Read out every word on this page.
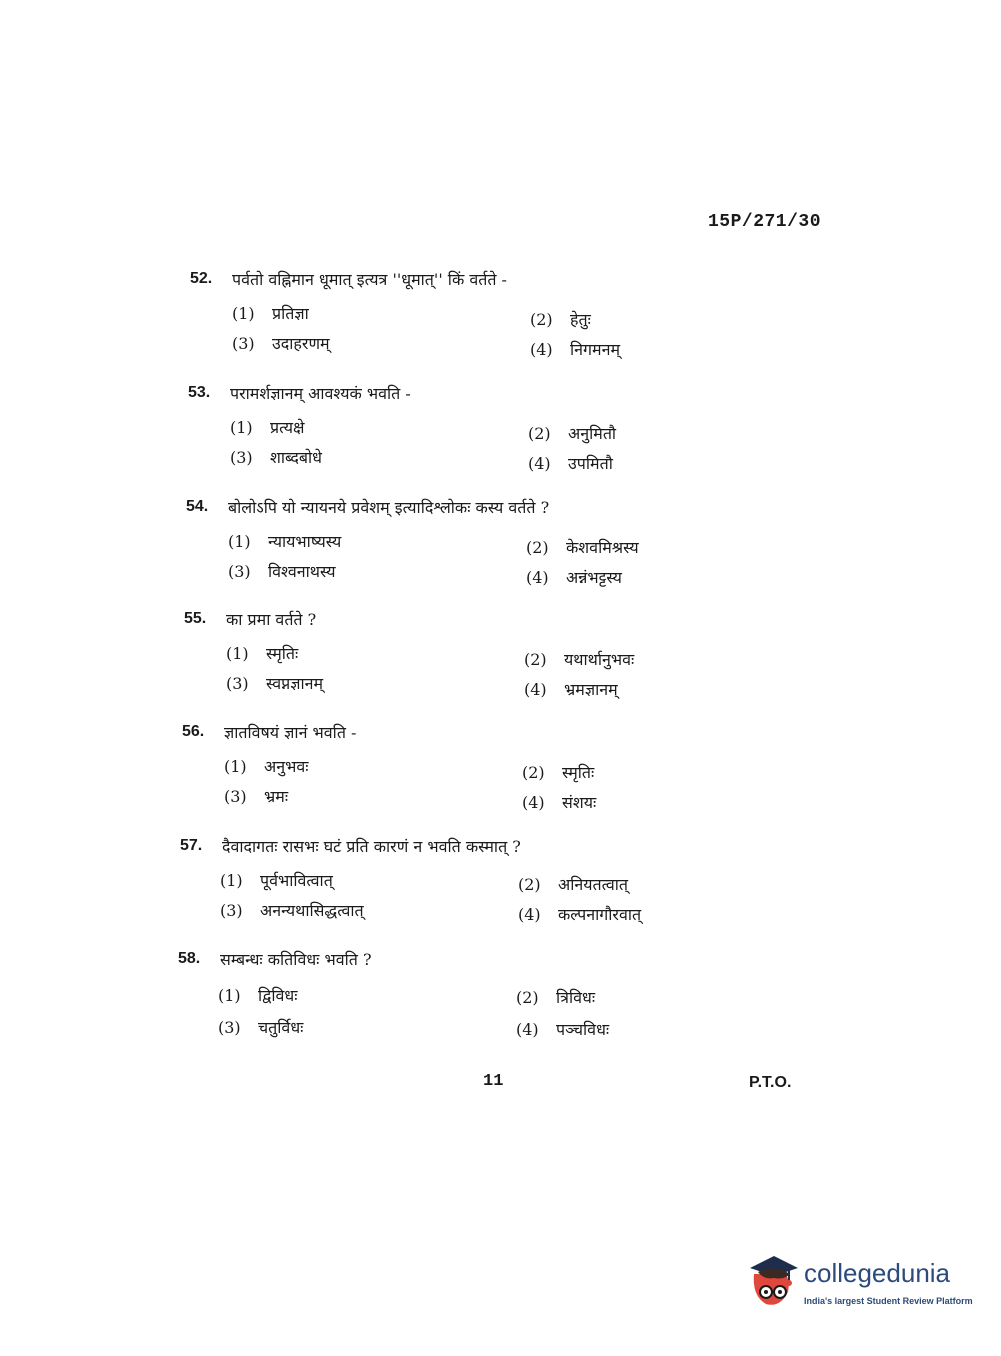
15P/271/30
52.	पर्वतो वह्निमान धूमात् इत्यत्र ''धूमात्'' किं वर्तते -
(1) प्रतिज्ञा	(2) हेतुः
(3) उदाहरणम्	(4) निगमनम्
53.	परामर्शज्ञानम् आवश्यकं भवति -
(1) प्रत्यक्षे	(2) अनुमितौ
(3) शाब्दबोधे	(4) उपमितौ
54.	बोलोऽपि यो न्यायनये प्रवेशम् इत्यादिश्लोकः कस्य वर्तते ?
(1) न्यायभाष्यस्य	(2) केशवमिश्रस्य
(3) विश्वनाथस्य	(4) अन्नंभट्टस्य
55.	का प्रमा वर्तते ?
(1) स्मृतिः	(2) यथार्थानुभवः
(3) स्वप्नज्ञानम्	(4) भ्रमज्ञानम्
56.	ज्ञातविषयं ज्ञानं भवति -
(1) अनुभवः	(2) स्मृतिः
(3) भ्रमः	(4) संशयः
57.	दैवादागतः रासभः घटं प्रति कारणं न भवति कस्मात् ?
(1) पूर्वभावित्वात्	(2) अनियतत्वात्
(3) अनन्यथासिद्धत्वात्	(4) कल्पनागौरवात्
58.	सम्बन्धः कतिविधः भवति ?
(1) द्विविधः	(2) त्रिविधः
(3) चतुर्विधः	(4) पञ्चविधः
11	P.T.O.
collegedunia
India's largest Student Review Platform
